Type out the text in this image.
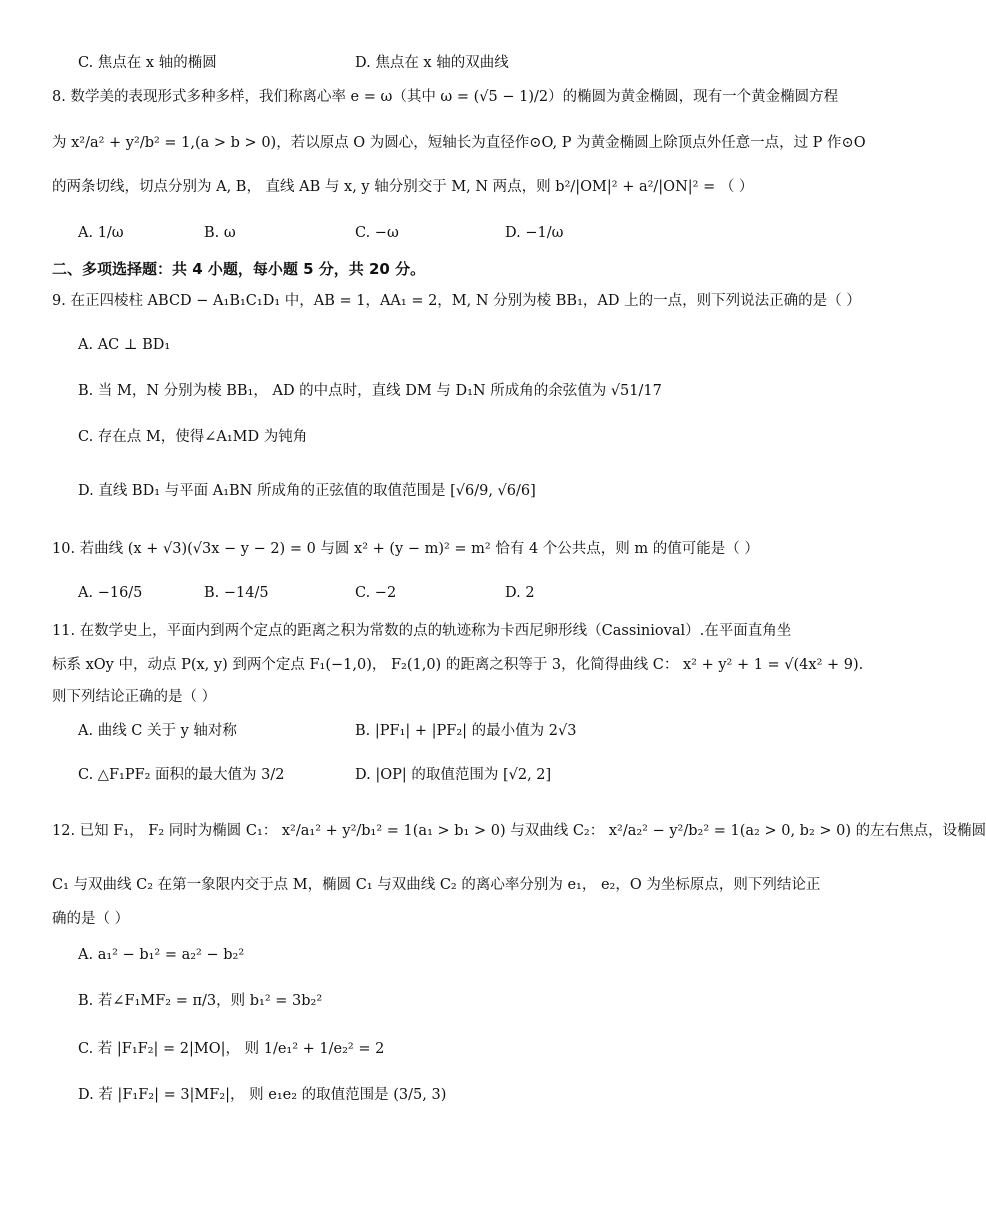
C. 焦点在 x 轴的椭圆	D. 焦点在 x 轴的双曲线
8. 数学美的表现形式多种多样，我们称离心率 e = ω（其中 ω = (√5 − 1)/2）的椭圆为黄金椭圆，现有一个黄金椭圆方程
为 x²/a² + y²/b² = 1,(a > b > 0)，若以原点 O 为圆心，短轴长为直径作⊙O, P 为黄金椭圆上除顶点外任意一点，过 P 作⊙O
的两条切线，切点分别为 A, B， 直线 AB 与 x, y 轴分别交于 M, N 两点，则 b²/|OM|² + a²/|ON|² = （ ）
A. 1/ω	B. ω	C. −ω	D. −1/ω
二、多项选择题：共 4 小题，每小题 5 分，共 20 分。
9. 在正四棱柱 ABCD − A₁B₁C₁D₁ 中，AB = 1，AA₁ = 2，M, N 分别为棱 BB₁，AD 上的一点，则下列说法正确的是（ ）
A. AC ⊥ BD₁
B. 当 M，N 分别为棱 BB₁， AD 的中点时，直线 DM 与 D₁N 所成角的余弦值为 √51/17
C. 存在点 M，使得∠A₁MD 为钝角
D. 直线 BD₁ 与平面 A₁BN 所成角的正弦值的取值范围是 [√6/9, √6/6]
10. 若曲线 (x + √3)(√3x − y − 2) = 0 与圆 x² + (y − m)² = m² 恰有 4 个公共点，则 m 的值可能是（ ）
A. −16/5	B. −14/5	C. −2	D. 2
11. 在数学史上，平面内到两个定点的距离之积为常数的点的轨迹称为卡西尼卵形线（Cassinioval）.在平面直角坐
标系 xOy 中，动点 P(x, y) 到两个定点 F₁(−1,0)， F₂(1,0) 的距离之积等于 3，化简得曲线 C： x² + y² + 1 = √(4x² + 9).
则下列结论正确的是（ ）
A. 曲线 C 关于 y 轴对称	B. |PF₁| + |PF₂| 的最小值为 2√3
C. △F₁PF₂ 面积的最大值为 3/2	D. |OP| 的取值范围为 [√2, 2]
12. 已知 F₁， F₂ 同时为椭圆 C₁： x²/a₁² + y²/b₁² = 1(a₁ > b₁ > 0) 与双曲线 C₂： x²/a₂² − y²/b₂² = 1(a₂ > 0, b₂ > 0) 的左右焦点，设椭圆
C₁ 与双曲线 C₂ 在第一象限内交于点 M，椭圆 C₁ 与双曲线 C₂ 的离心率分别为 e₁， e₂，O 为坐标原点，则下列结论正
确的是（ ）
A. a₁² − b₁² = a₂² − b₂²
B. 若∠F₁MF₂ = π/3，则 b₁² = 3b₂²
C. 若 |F₁F₂| = 2|MO|， 则 1/e₁² + 1/e₂² = 2
D. 若 |F₁F₂| = 3|MF₂|， 则 e₁e₂ 的取值范围是 (3/5, 3)
